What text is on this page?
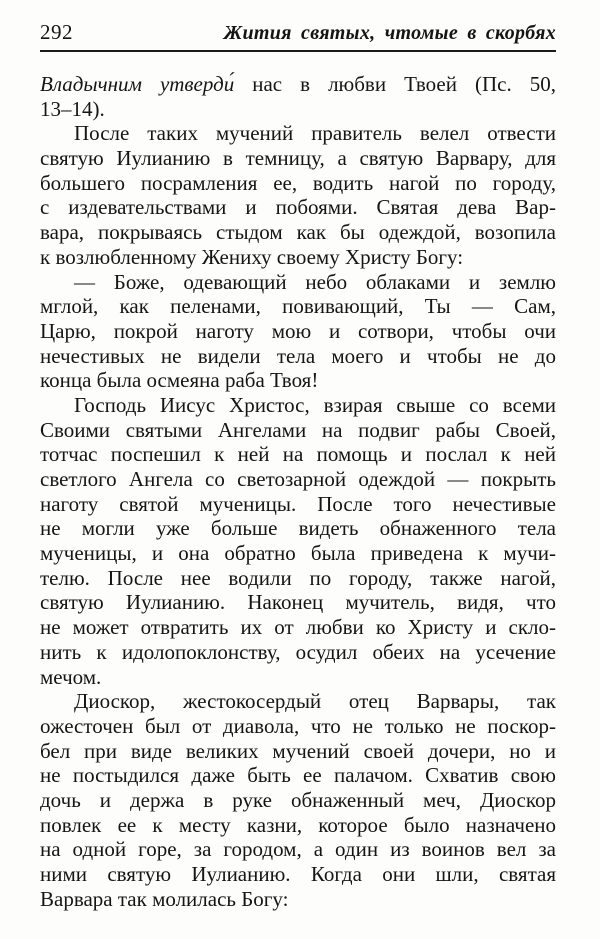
292	Жития святых, чтомые в скорбях
Владычним утверди́ нас в любви Твоей (Пс. 50,
13–14).
После таких мучений правитель велел отвести
святую Иулианию в темницу, а святую Варвару, для
большего посрамления ее, водить нагой по городу,
с издевательствами и побоями. Святая дева Вар-
вара, покрываясь стыдом как бы одеждой, возопила
к возлюбленному Жениху своему Христу Богу:
— Боже, одевающий небо облаками и землю
мглой, как пеленами, повивающий, Ты — Сам,
Царю, покрой наготу мою и сотвори, чтобы очи
нечестивых не видели тела моего и чтобы не до
конца была осмеяна раба Твоя!
Господь Иисус Христос, взирая свыше со всеми
Своими святыми Ангелами на подвиг рабы Своей,
тотчас поспешил к ней на помощь и послал к ней
светлого Ангела со светозарной одеждой — покрыть
наготу святой мученицы. После того нечестивые
не могли уже больше видеть обнаженного тела
мученицы, и она обратно была приведена к мучи-
телю. После нее водили по городу, также нагой,
святую Иулианию. Наконец мучитель, видя, что
не может отвратить их от любви ко Христу и скло-
нить к идолопоклонству, осудил обеих на усечение
мечом.
Диоскор, жестокосердый отец Варвары, так
ожесточен был от диавола, что не только не поскор-
бел при виде великих мучений своей дочери, но и
не постыдился даже быть ее палачом. Схватив свою
дочь и держа в руке обнаженный меч, Диоскор
повлек ее к месту казни, которое было назначено
на одной горе, за городом, а один из воинов вел за
ними святую Иулианию. Когда они шли, святая
Варвара так молилась Богу:
